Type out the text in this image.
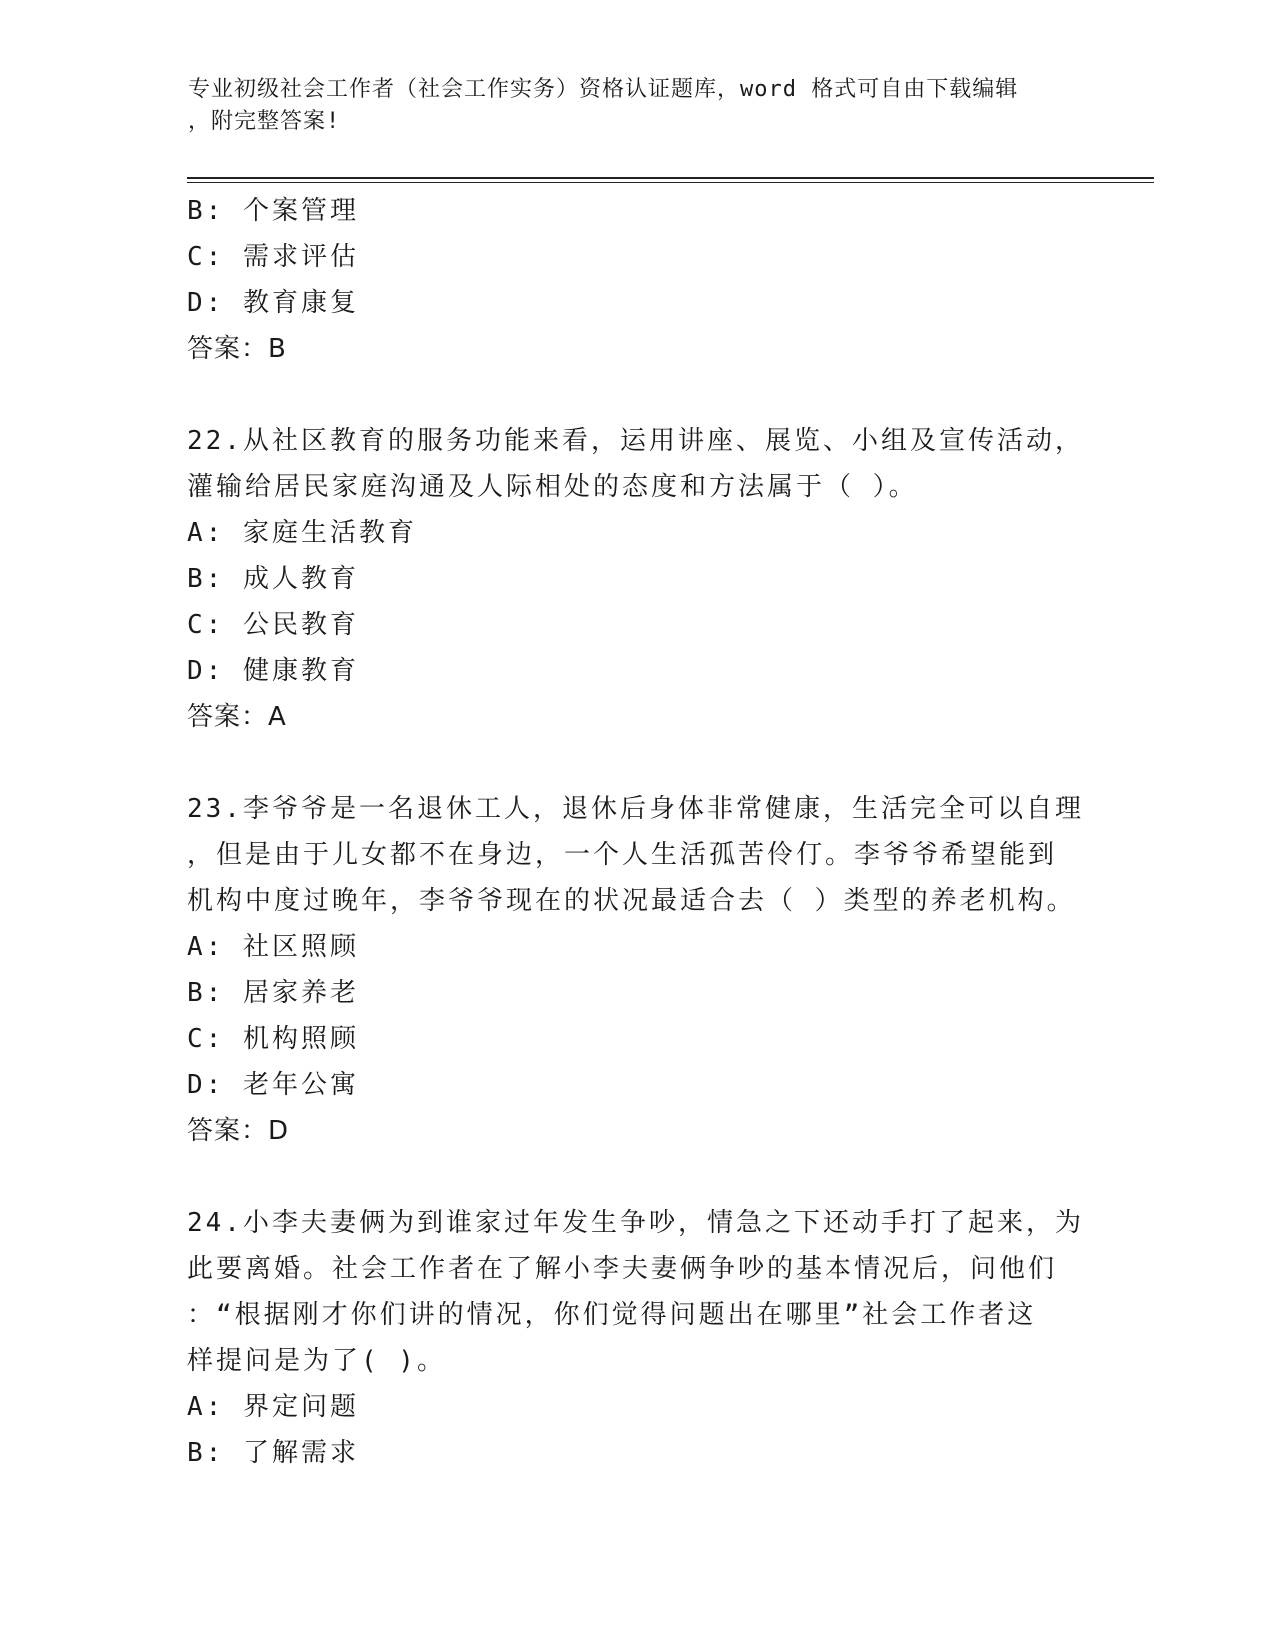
专业初级社会工作者（社会工作实务）资格认证题库，word 格式可自由下载编辑
，附完整答案!
B: 个案管理
C: 需求评估
D: 教育康复
答案：B
22.从社区教育的服务功能来看，运用讲座、展览、小组及宣传活动，
灌输给居民家庭沟通及人际相处的态度和方法属于（ ）。
A: 家庭生活教育
B: 成人教育
C: 公民教育
D: 健康教育
答案：A
23.李爷爷是一名退休工人，退休后身体非常健康，生活完全可以自理
，但是由于儿女都不在身边，一个人生活孤苦伶仃。李爷爷希望能到
机构中度过晚年，李爷爷现在的状况最适合去（ ）类型的养老机构。
A: 社区照顾
B: 居家养老
C: 机构照顾
D: 老年公寓
答案：D
24.小李夫妻俩为到谁家过年发生争吵，情急之下还动手打了起来，为
此要离婚。社会工作者在了解小李夫妻俩争吵的基本情况后，问他们
：“根据刚才你们讲的情况，你们觉得问题出在哪里”社会工作者这
样提问是为了( )。
A: 界定问题
B: 了解需求
